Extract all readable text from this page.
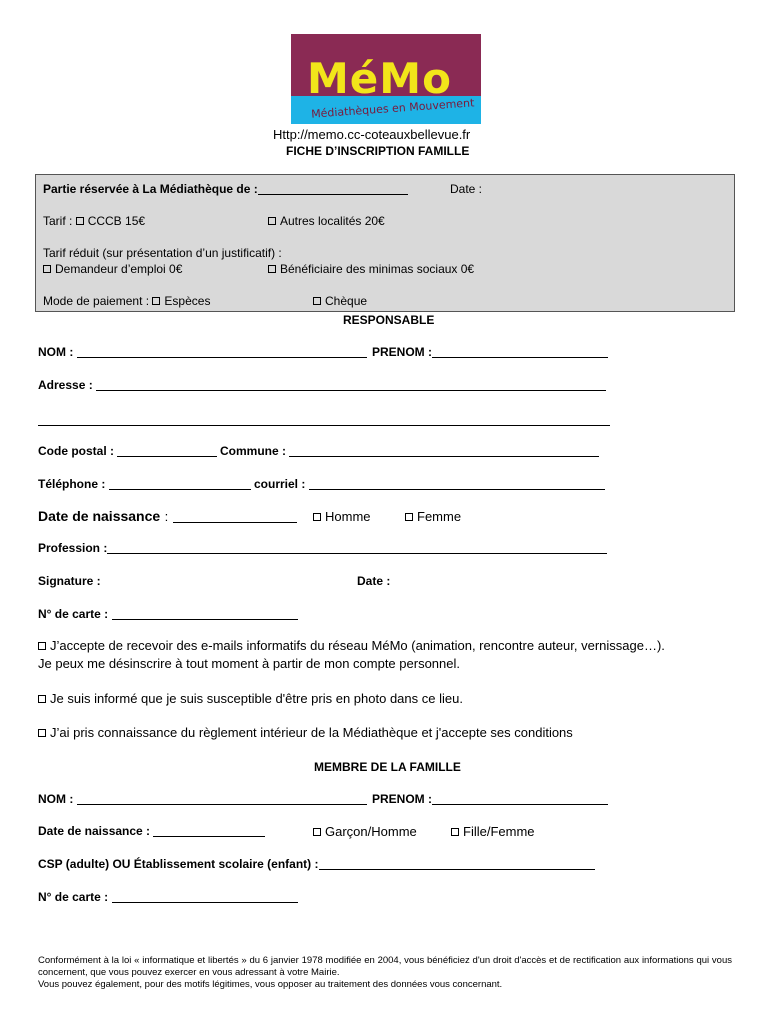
MéMo
Médiathèques en Mouvement
Http://memo.cc-coteauxbellevue.fr
FICHE D’INSCRIPTION FAMILLE
Partie réservée à La Médiathèque de :	Date :
Tarif : CCCB 15€	Autres localités 20€
Tarif réduit (sur présentation d’un justificatif) :
Demandeur d’emploi 0€	Bénéficiaire des minimas sociaux 0€
Mode de paiement : Espèces	Chèque
RESPONSABLE
NOM :	PRENOM :
Adresse :
Code postal :	Commune :
Téléphone :	courriel :
Date de naissance :	Homme	Femme
Profession :
Signature :	Date :
N° de carte :
J’accepte de recevoir des e-mails informatifs du réseau MéMo (animation, rencontre auteur, vernissage…).
Je peux me désinscrire à tout moment à partir de mon compte personnel.
Je suis informé que je suis susceptible d'être pris en photo dans ce lieu.
J’ai pris connaissance du règlement intérieur de la Médiathèque et j'accepte ses conditions
MEMBRE DE LA FAMILLE
NOM :	PRENOM :
Date de naissance :	Garçon/Homme	Fille/Femme
CSP (adulte) OU Établissement scolaire (enfant) :
N° de carte :
Conformément à la loi « informatique et libertés » du 6 janvier 1978 modifiée en 2004, vous bénéficiez d'un droit d'accès et de rectification aux informations qui vous concernent, que vous pouvez exercer en vous adressant à votre Mairie.
Vous pouvez également, pour des motifs légitimes, vous opposer au traitement des données vous concernant.
